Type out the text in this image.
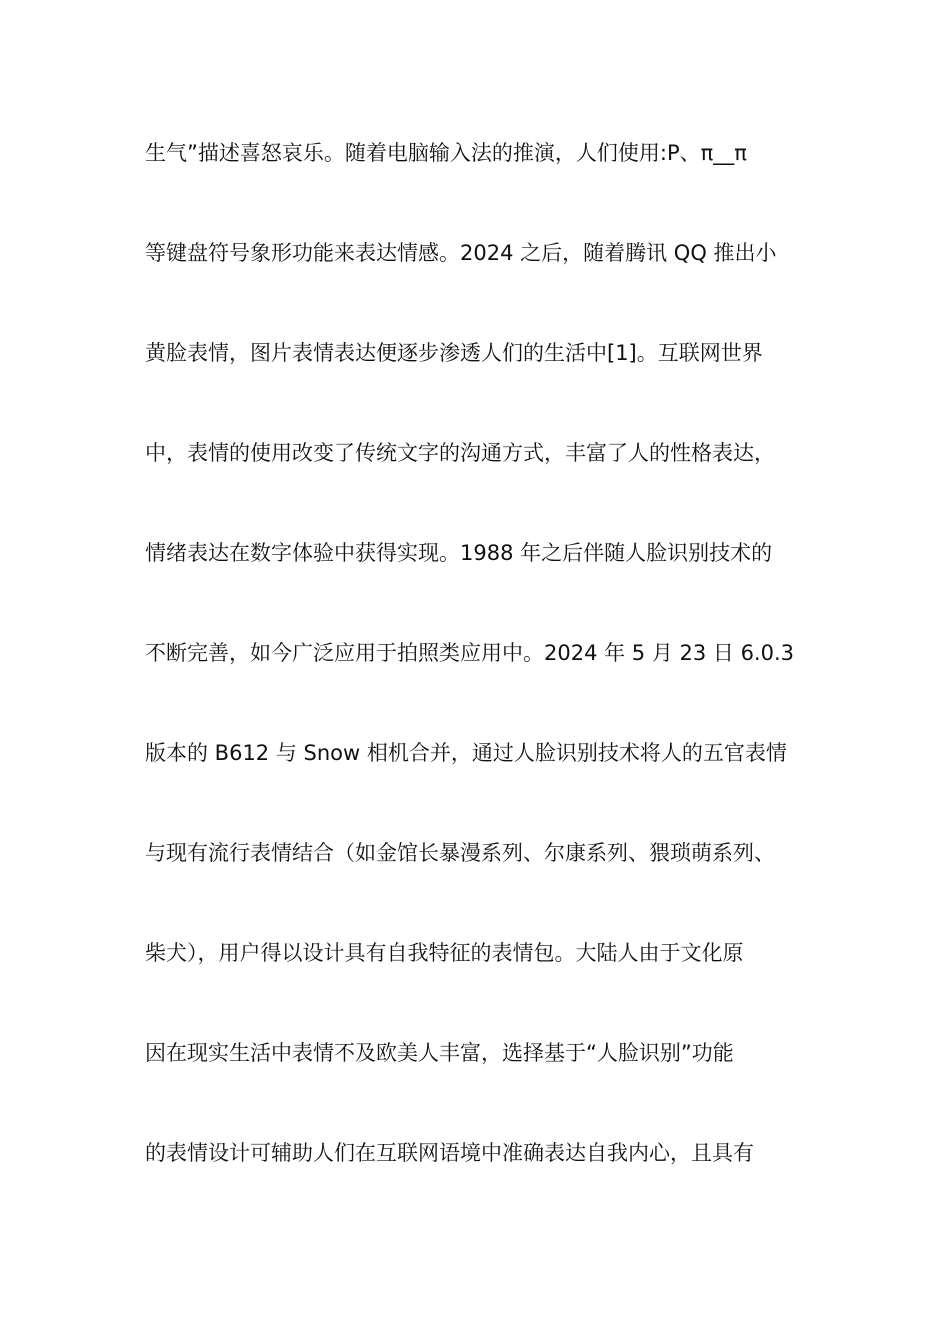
生气”描述喜怒哀乐。随着电脑输入法的推演，人们使用:P、π__π
等键盘符号象形功能来表达情感。2024 之后，随着腾讯 QQ 推出小
黄脸表情，图片表情表达便逐步渗透人们的生活中[1]。互联网世界
中，表情的使用改变了传统文字的沟通方式，丰富了人的性格表达，
情绪表达在数字体验中获得实现。1988 年之后伴随人脸识别技术的
不断完善，如今广泛应用于拍照类应用中。2024 年 5 月 23 日 6.0.3
版本的 B612 与 Snow 相机合并，通过人脸识别技术将人的五官表情
与现有流行表情结合（如金馆长暴漫系列、尔康系列、猥琐萌系列、
柴犬），用户得以设计具有自我特征的表情包。大陆人由于文化原
因在现实生活中表情不及欧美人丰富，选择基于“人脸识别”功能
的表情设计可辅助人们在互联网语境中准确表达自我内心，且具有
